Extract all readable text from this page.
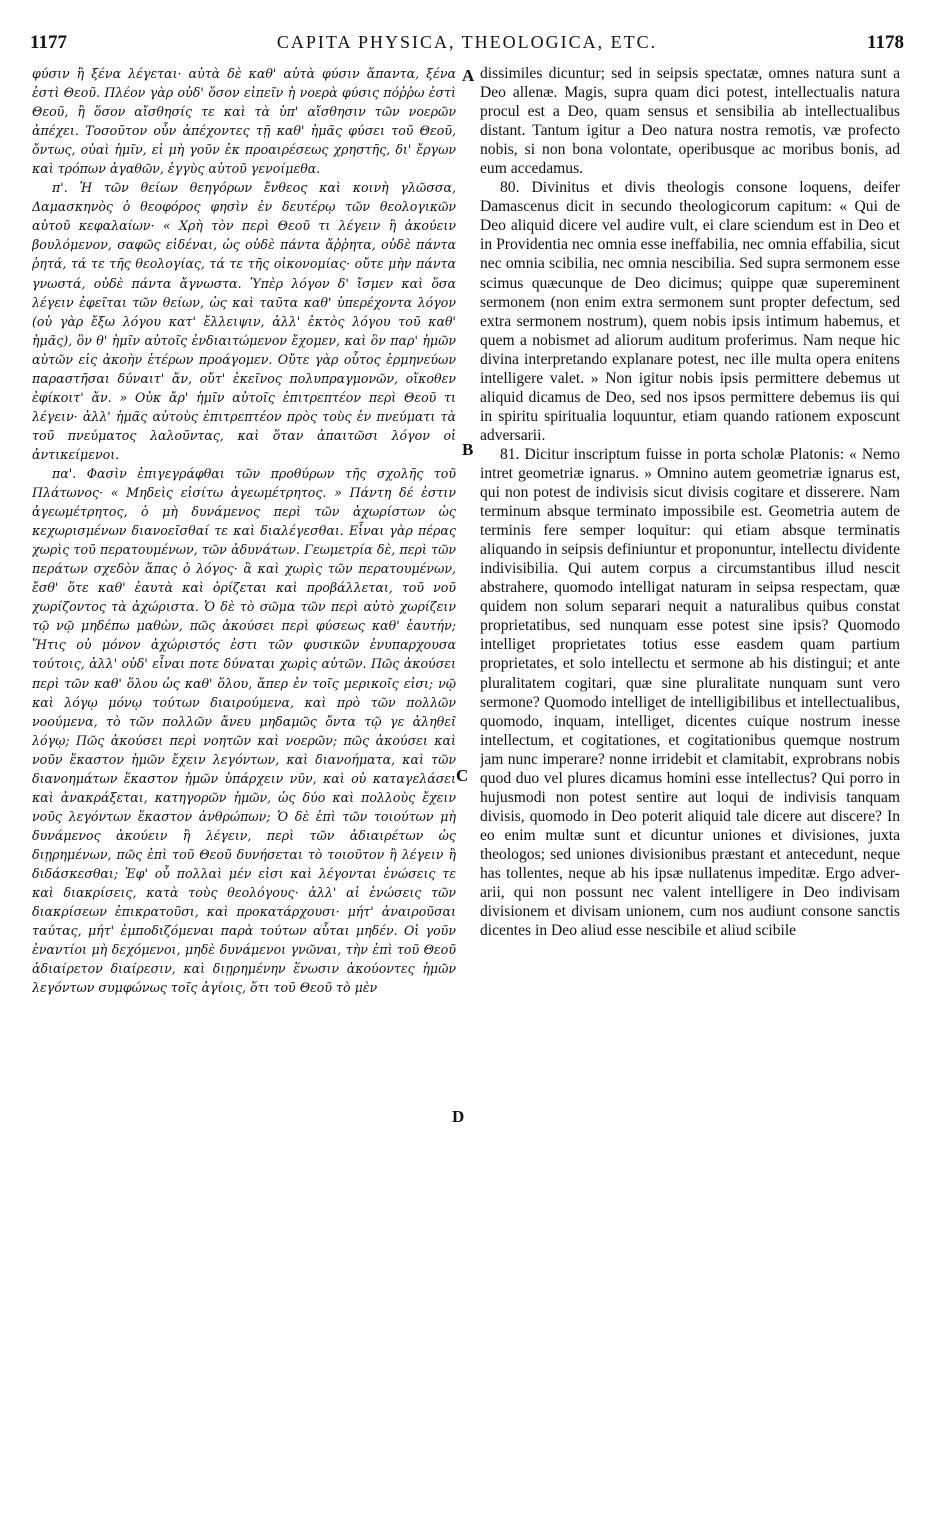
1177	CAPITA PHYSICA, THEOLOGICA, ETC.	1178

φύσιν ἢ ξένα λέγεται· αὐτὰ δὲ καθ' αὑτὰ φύσιν ἅπαντα, ξένα ἐστὶ Θεοῦ. Πλέον γὰρ οὐδ' ὅσον εἰπεῖν ἡ νοερὰ φύσις πόῤῥω ἐστὶ Θεοῦ, ἢ ὅσον αἴσθησίς τε καὶ τὰ ὑπ' αἴσθησιν τῶν νοερῶν ἀπέχει. Τοσοῦτον οὖν ἀπέχοντες τῇ καθ' ἡμᾶς φύσει τοῦ Θεοῦ, ὄντως, οὐαὶ ἡμῖν, εἰ μὴ γοῦν ἐκ προαιρέσεως χρηστῆς, δι' ἔργων καὶ τρόπων ἀγαθῶν, ἐγγὺς αὐτοῦ γενοίμεθα.

π'. Ἡ τῶν θείων θεηγόρων ἔνθεος καὶ κοινὴ γλῶσσα, Δαμασκηνὸς ὁ θεοφόρος φησὶν ἐν δευτέρῳ τῶν θεολογικῶν αὐτοῦ κεφαλαίων· « Χρὴ τὸν περὶ Θεοῦ τι λέγειν ἢ ἀκούειν βουλόμενον, σαφῶς εἰδέναι, ὡς οὐδὲ πάντα ἄῤῥητα, οὐδὲ πάντα ῥητά, τά τε τῆς θεολογίας, τά τε τῆς οἰκονομίας· οὔτε μὴν πάντα γνωστά, οὐδὲ πάντα ἄγνωστα. Ὑπὲρ λόγον δ' ἴσμεν καὶ ὅσα λέγειν ἐφεῖται τῶν θείων, ὡς καὶ ταῦτα καθ' ὑπερέχοντα λόγον (οὐ γὰρ ἔξω λόγου κατ' ἔλλειψιν, ἀλλ' ἐκτὸς λόγου τοῦ καθ' ἡμᾶς), ὃν θ' ἡμῖν αὐτοῖς ἐνδιαιτώμενον ἔχομεν, καὶ ὃν παρ' ἡμῶν αὐτῶν εἰς ἀκοὴν ἑτέρων προάγομεν. Οὔτε γὰρ οὗτος ἑρμηνεύων παραστῆσαι δύναιτ' ἄν, οὔτ' ἐκεῖνος πολυπραγμονῶν, οἴκοθεν ἐφίκοιτ' ἄν. » Οὐκ ἄρ' ἡμῖν αὐτοῖς ἐπιτρεπτέον περὶ Θεοῦ τι λέγειν· ἀλλ' ἡμᾶς αὐτοὺς ἐπιτρεπτέον πρὸς τοὺς ἐν πνεύματι τὰ τοῦ πνεύματος λαλοῦντας, καὶ ὅταν ἀπαιτῶσι λόγον οἱ ἀντικείμενοι.

πα'. Φασὶν ἐπιγεγράφθαι τῶν προθύρων τῆς σχολῆς τοῦ Πλάτωνος· « Μηδεὶς εἰσίτω ἀγεωμέτρητος. » Πάντη δέ ἐστιν ἀγεωμέτρητος, ὁ μὴ δυνάμενος περὶ τῶν ἀχωρίστων ὡς κεχωρισμένων διανοεῖσθαί τε καὶ διαλέγεσθαι. Εἶναι γὰρ πέρας χωρὶς τοῦ περατουμένων, τῶν ἀδυνάτων. Γεωμετρία δὲ, περὶ τῶν περάτων σχεδὸν ἅπας ὁ λόγος· ἃ καὶ χωρὶς τῶν περατουμένων, ἔσθ' ὅτε καθ' ἑαυτὰ καὶ ὁρίζεται καὶ προβάλλεται, τοῦ νοῦ χωρίζοντος τὰ ἀχώριστα. Ὁ δὲ τὸ σῶμα τῶν περὶ αὐτὸ χωρίζειν τῷ νῷ μηδέπω μαθὼν, πῶς ἀκούσει περὶ φύσεως καθ' ἑαυτήν; Ἥτις οὐ μόνον ἀχώριστός ἐστι τῶν φυσικῶν ἐνυπαρχουσα τούτοις, ἀλλ' οὐδ' εἶναι ποτε δύναται χωρὶς αὐτῶν. Πῶς ἀκούσει περὶ τῶν καθ' ὅλου ὡς καθ' ὅλου, ἅπερ ἐν τοῖς μερικοῖς εἰσι; νῷ καὶ λόγῳ μόνῳ τούτων διαιρούμενα, καὶ πρὸ τῶν πολλῶν νοούμενα, τὸ τῶν πολλῶν ἄνευ μηδαμῶς ὄντα τῷ γε ἀληθεῖ λόγῳ; Πῶς ἀκούσει περὶ νοητῶν καὶ νοερῶν; πῶς ἀκούσει καὶ νοῦν ἕκαστον ἡμῶν ἔχειν λεγόντων, καὶ διανοήματα, καὶ τῶν διανοημάτων ἕκαστον ἡμῶν ὑπάρχειν νῦν, καὶ οὐ καταγελάσει καὶ ἀνακράξεται, κατηγορῶν ἡμῶν, ὡς δύο καὶ πολλοὺς ἔχειν νοῦς λεγόντων ἕκαστον ἀνθρώπων; Ὁ δὲ ἐπὶ τῶν τοιούτων μὴ δυνάμενος ἀκούειν ἢ λέγειν, περὶ τῶν ἀδιαιρέτων ὡς διῃρημένων, πῶς ἐπὶ τοῦ Θεοῦ δυνήσεται τὸ τοιοῦτον ἢ λέγειν ἢ διδάσκεσθαι; Ἐφ' οὗ πολλαὶ μέν εἰσι καὶ λέγονται ἑνώσεις τε καὶ διακρίσεις, κατὰ τοὺς θεολόγους· ἀλλ' αἱ ἑνώσεις τῶν διακρίσεων ἐπικρατοῦσι, καὶ προκατάρχουσι· μήτ' ἀναιροῦσαι ταύτας, μήτ' ἐμποδιζόμεναι παρὰ τούτων αὗται μηδέν. Οἱ γοῦν ἐναντίοι μὴ δεχόμενοι, μηδὲ δυνάμενοι γνῶναι, τὴν ἐπὶ τοῦ Θεοῦ ἀδιαίρετον διαίρεσιν, καὶ διῃρημένην ἕνωσιν ἀκούοντες ἡμῶν λεγόντων συμφώνως τοῖς ἁγίοις, ὅτι τοῦ Θεοῦ τὸ μὲν

A
B
C
D

dissimiles dicuntur; sed in seipsis spectatæ, omnes natura sunt a Deo allenæ. Magis, supra quam dici potest, intellectualis natura procul est a Deo, quam sensus et sensibilia ab intellectualibus distant. Tantum igitur a Deo natura nostra remotis, væ profecto nobis, si non bona volontate, operibusque ac moribus bonis, ad eum accedamus.

80. Divinitus et divis theologis consone loquens, deifer Damascenus dicit in secundo theologicorum capitum: « Qui de Deo aliquid dicere vel audire vult, ei clare sciendum est in Deo et in Providentia nec omnia esse ineffabilia, nec omnia effabilia, sicut nec omnia scibilia, nec omnia nescibilia. Sed supra sermonem esse scimus quæcunque de Deo dicimus; quippe quæ supereminent sermonem (non enim extra sermonem sunt propter defectum, sed extra sermonem nostrum), quem nobis ipsis intimum habemus, et quem a nobismet ad aliorum auditum proferimus. Nam neque hic divina interpretando explanare potest, nec ille multa opera enitens intelligere valet. » Non igitur nobis ipsis permittere debemus ut aliquid dicamus de Deo, sed nos ipsos permittere debemus iis qui in spiritu spiritualia loquuntur, etiam quando rationem exposcunt adversarii.

81. Dicitur inscriptum fuisse in porta scholæ Platonis: « Nemo intret geometriæ ignarus. » Omnino autem geometriæ ignarus est, qui non potest de indivisis sicut divisis cogitare et disserere. Nam terminum absque terminato impossibile est. Geometria autem de terminis fere semper loquitur: qui etiam absque terminatis aliquando in seipsis definiuntur et proponuntur, intellectu dividente indivisibilia. Qui autem corpus a circumstantibus illud nescit abstrahere, quomodo intelligat naturam in seipsa respectam, quæ quidem non solum separari nequit a naturalibus quibus constat proprietatibus, sed nunquam esse potest sine ipsis? Quomodo intelliget proprietates totius esse easdem quam partium proprietates, et solo intellectu et sermone ab his distingui; et ante pluralitatem cogitari, quæ sine pluralitate nunquam sunt vero sermone? Quomodo intelliget de intelligibilibus et intellectualibus, quomodo, inquam, intelliget, dicentes cuique nostrum inesse intellectum, et cogitationes, et cogitationibus quemque nostrum jam nunc imperare? nonne irridebit et clamitabit, exprobrans nobis quod duo vel plures dicamus homini esse intellectus? Qui porro in hujusmodi non potest sentire aut loqui de indivisis tanquam divisis, quomodo in Deo poterit aliquid tale dicere aut discere? In eo enim multæ sunt et dicuntur uniones et divisiones, juxta theologos; sed uniones divisionibus præstant et antecedunt, neque has tollentes, neque ab his ipsæ nullatenus impeditæ. Ergo adver-arii, qui non possunt nec valent intelligere in Deo indivisam divisionem et divisam unionem, cum nos audiunt consone sanctis dicentes in Deo aliud esse nescibile et aliud scibile
